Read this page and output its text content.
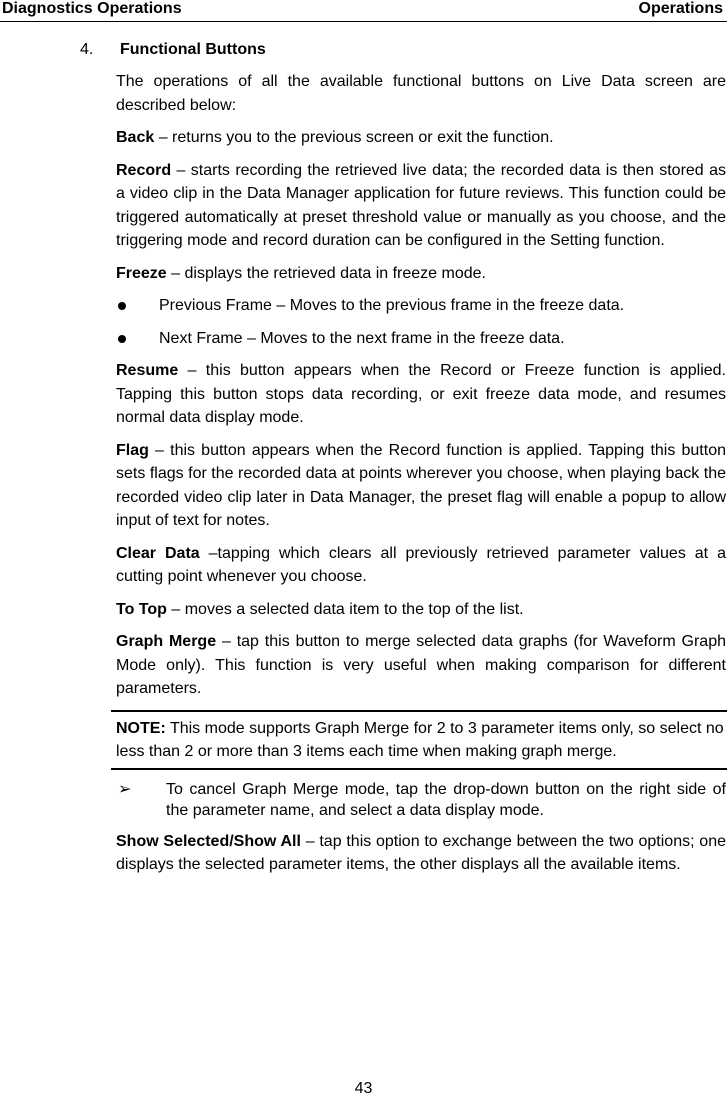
Diagnostics Operations	Operations
4. Functional Buttons

The operations of all the available functional buttons on Live Data screen are described below:

Back – returns you to the previous screen or exit the function.

Record – starts recording the retrieved live data; the recorded data is then stored as a video clip in the Data Manager application for future reviews. This function could be triggered automatically at preset threshold value or manually as you choose, and the triggering mode and record duration can be configured in the Setting function.

Freeze – displays the retrieved data in freeze mode.

Previous Frame – Moves to the previous frame in the freeze data.
Next Frame – Moves to the next frame in the freeze data.

Resume – this button appears when the Record or Freeze function is applied. Tapping this button stops data recording, or exit freeze data mode, and resumes normal data display mode.

Flag – this button appears when the Record function is applied. Tapping this button sets flags for the recorded data at points wherever you choose, when playing back the recorded video clip later in Data Manager, the preset flag will enable a popup to allow input of text for notes.

Clear Data –tapping which clears all previously retrieved parameter values at a cutting point whenever you choose.

To Top – moves a selected data item to the top of the list.

Graph Merge – tap this button to merge selected data graphs (for Waveform Graph Mode only). This function is very useful when making comparison for different parameters.

NOTE: This mode supports Graph Merge for 2 to 3 parameter items only, so select no less than 2 or more than 3 items each time when making graph merge.
➢ To cancel Graph Merge mode, tap the drop-down button on the right side of the parameter name, and select a data display mode.

Show Selected/Show All – tap this option to exchange between the two options; one displays the selected parameter items, the other displays all the available items.

43
